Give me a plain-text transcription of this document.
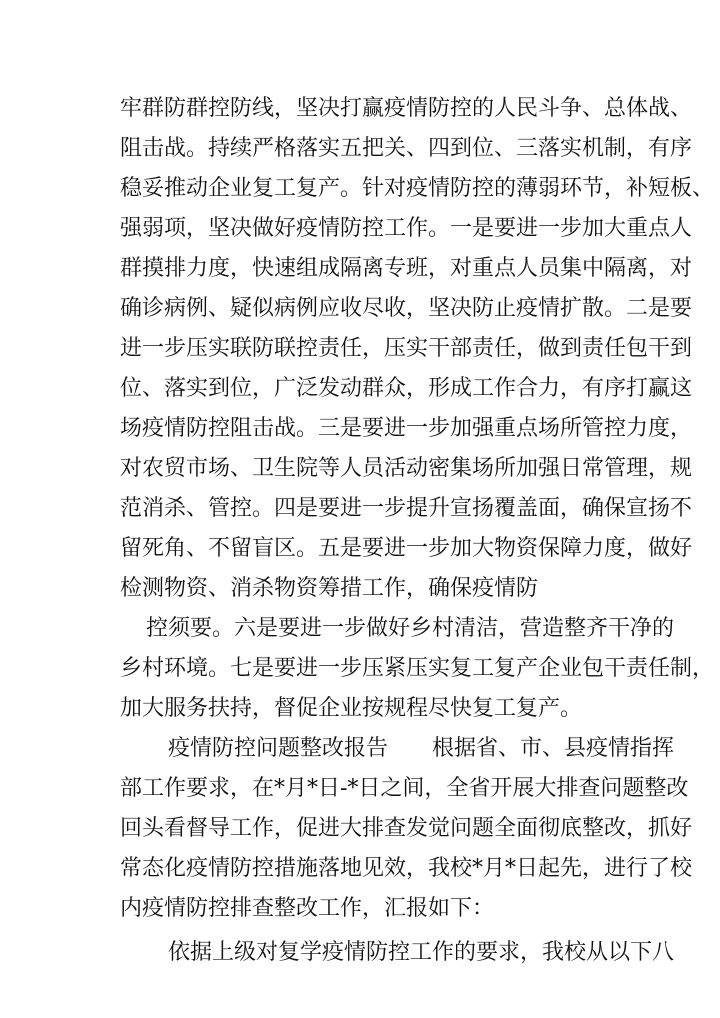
牢群防群控防线，坚决打赢疫情防控的人民斗争、总体战、
阻击战。持续严格落实五把关、四到位、三落实机制，有序
稳妥推动企业复工复产。针对疫情防控的薄弱环节，补短板、
强弱项，坚决做好疫情防控工作。一是要进一步加大重点人
群摸排力度，快速组成隔离专班，对重点人员集中隔离，对
确诊病例、疑似病例应收尽收，坚决防止疫情扩散。二是要
进一步压实联防联控责任，压实干部责任，做到责任包干到
位、落实到位，广泛发动群众，形成工作合力，有序打赢这
场疫情防控阻击战。三是要进一步加强重点场所管控力度，
对农贸市场、卫生院等人员活动密集场所加强日常管理，规
范消杀、管控。四是要进一步提升宣扬覆盖面，确保宣扬不
留死角、不留盲区。五是要进一步加大物资保障力度，做好
检测物资、消杀物资筹措工作，确保疫情防
控须要。六是要进一步做好乡村清洁，营造整齐干净的
乡村环境。七是要进一步压紧压实复工复产企业包干责任制，
加大服务扶持，督促企业按规程尽快复工复产。
疫情防控问题整改报告　　根据省、市、县疫情指挥
部工作要求，在*月*日-*日之间，全省开展大排查问题整改
回头看督导工作，促进大排查发觉问题全面彻底整改，抓好
常态化疫情防控措施落地见效，我校*月*日起先，进行了校
内疫情防控排查整改工作，汇报如下：
依据上级对复学疫情防控工作的要求，我校从以下八
